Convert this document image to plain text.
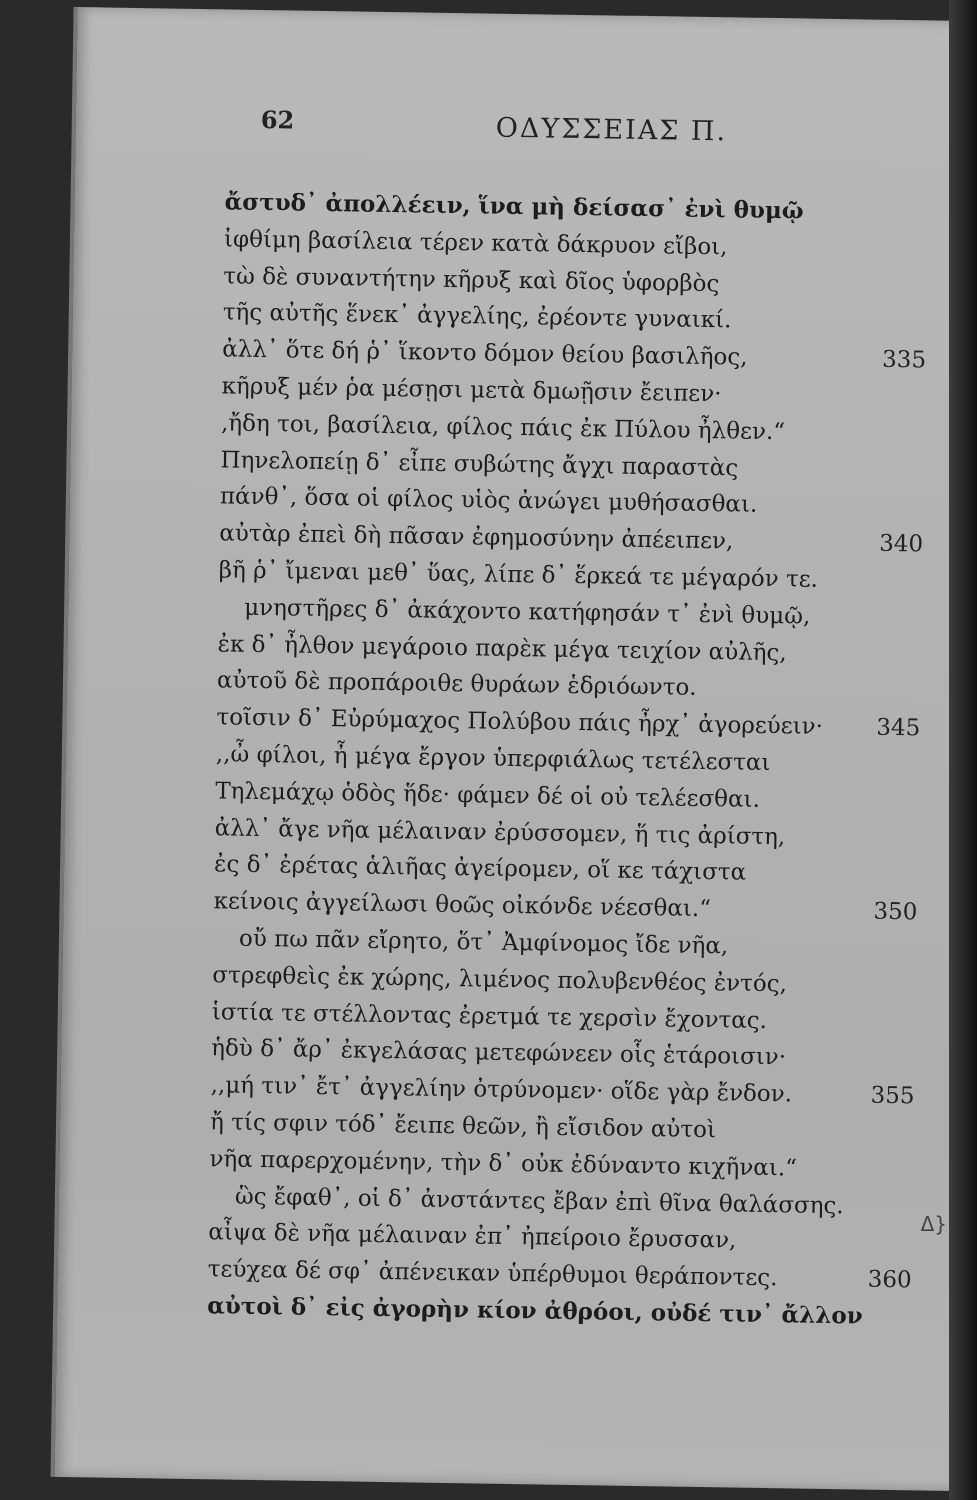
62	ΟΔΥΣΣΕΙΑΣ Π.
ἄστυδ᾽ ἀπολλέειν, ἵνα μὴ δείσασ᾽ ἐνὶ θυμῷ
ἰφθίμη βασίλεια τέρεν κατὰ δάκρυον εἴβοι,
τὼ δὲ συναντήτην κῆρυξ καὶ δῖος ὑφορβὸς
τῆς αὐτῆς ἕνεκ᾽ ἀγγελίης, ἐρέοντε γυναικί.
ἀλλ᾽ ὅτε δή ῥ᾽ ἵκοντο δόμον θείου βασιλῆος,	335
κῆρυξ μέν ῥα μέσῃσι μετὰ δμωῇσιν ἔειπεν·
,ἤδη τοι, βασίλεια, φίλος πάις ἐκ Πύλου ἦλθεν.“
Πηνελοπείῃ δ᾽ εἶπε συβώτης ἄγχι παραστὰς
πάνθ᾽, ὅσα οἱ φίλος υἱὸς ἀνώγει μυθήσασθαι.
αὐτὰρ ἐπεὶ δὴ πᾶσαν ἐφημοσύνην ἀπέειπεν,	340
βῆ ῥ᾽ ἴμεναι μεθ᾽ ὕας, λίπε δ᾽ ἕρκεά τε μέγαρόν τε.
μνηστῆρες δ᾽ ἀκάχοντο κατήφησάν τ᾽ ἐνὶ θυμῷ,
ἐκ δ᾽ ἦλθον μεγάροιο παρὲκ μέγα τειχίον αὐλῆς,
αὐτοῦ δὲ προπάροιθε θυράων ἑδριόωντο.
τοῖσιν δ᾽ Εὐρύμαχος Πολύβου πάις ἦρχ᾽ ἀγορεύειν· 345
,,ὦ φίλοι, ἦ μέγα ἔργον ὑπερφιάλως τετέλεσται
Τηλεμάχῳ ὁδὸς ἥδε· φάμεν δέ οἱ οὐ τελέεσθαι.
ἀλλ᾽ ἄγε νῆα μέλαιναν ἐρύσσομεν, ἥ τις ἀρίστη,
ἐς δ᾽ ἐρέτας ἁλιῆας ἀγείρομεν, οἵ κε τάχιστα
κείνοις ἀγγείλωσι θοῶς οἰκόνδε νέεσθαι.“	350
οὔ πω πᾶν εἴρητο, ὅτ᾽ Ἀμφίνομος ἴδε νῆα,
στρεφθεὶς ἐκ χώρης, λιμένος πολυβενθέος ἐντός,
ἱστία τε στέλλοντας ἐρετμά τε χερσὶν ἔχοντας.
ἡδὺ δ᾽ ἄρ᾽ ἐκγελάσας μετεφώνεεν οἷς ἑτάροισιν·
,,μή τιν᾽ ἔτ᾽ ἀγγελίην ὀτρύνομεν· οἵδε γὰρ ἔνδον.	355
ἤ τίς σφιν τόδ᾽ ἔειπε θεῶν, ἢ εἴσιδον αὐτοὶ
νῆα παρερχομένην, τὴν δ᾽ οὐκ ἐδύναντο κιχῆναι.“
ὣς ἔφαθ᾽, οἱ δ᾽ ἀνστάντες ἔβαν ἐπὶ θῖνα θαλάσσης.
αἶψα δὲ νῆα μέλαιναν ἐπ᾽ ἠπείροιο ἔρυσσαν,
τεύχεα δέ σφ᾽ ἀπένεικαν ὑπέρθυμοι θεράποντες.	360
αὐτοὶ δ᾽ εἰς ἀγορὴν κίον ἀθρόοι, οὐδέ τιν᾽ ἄλλον
Δ}
